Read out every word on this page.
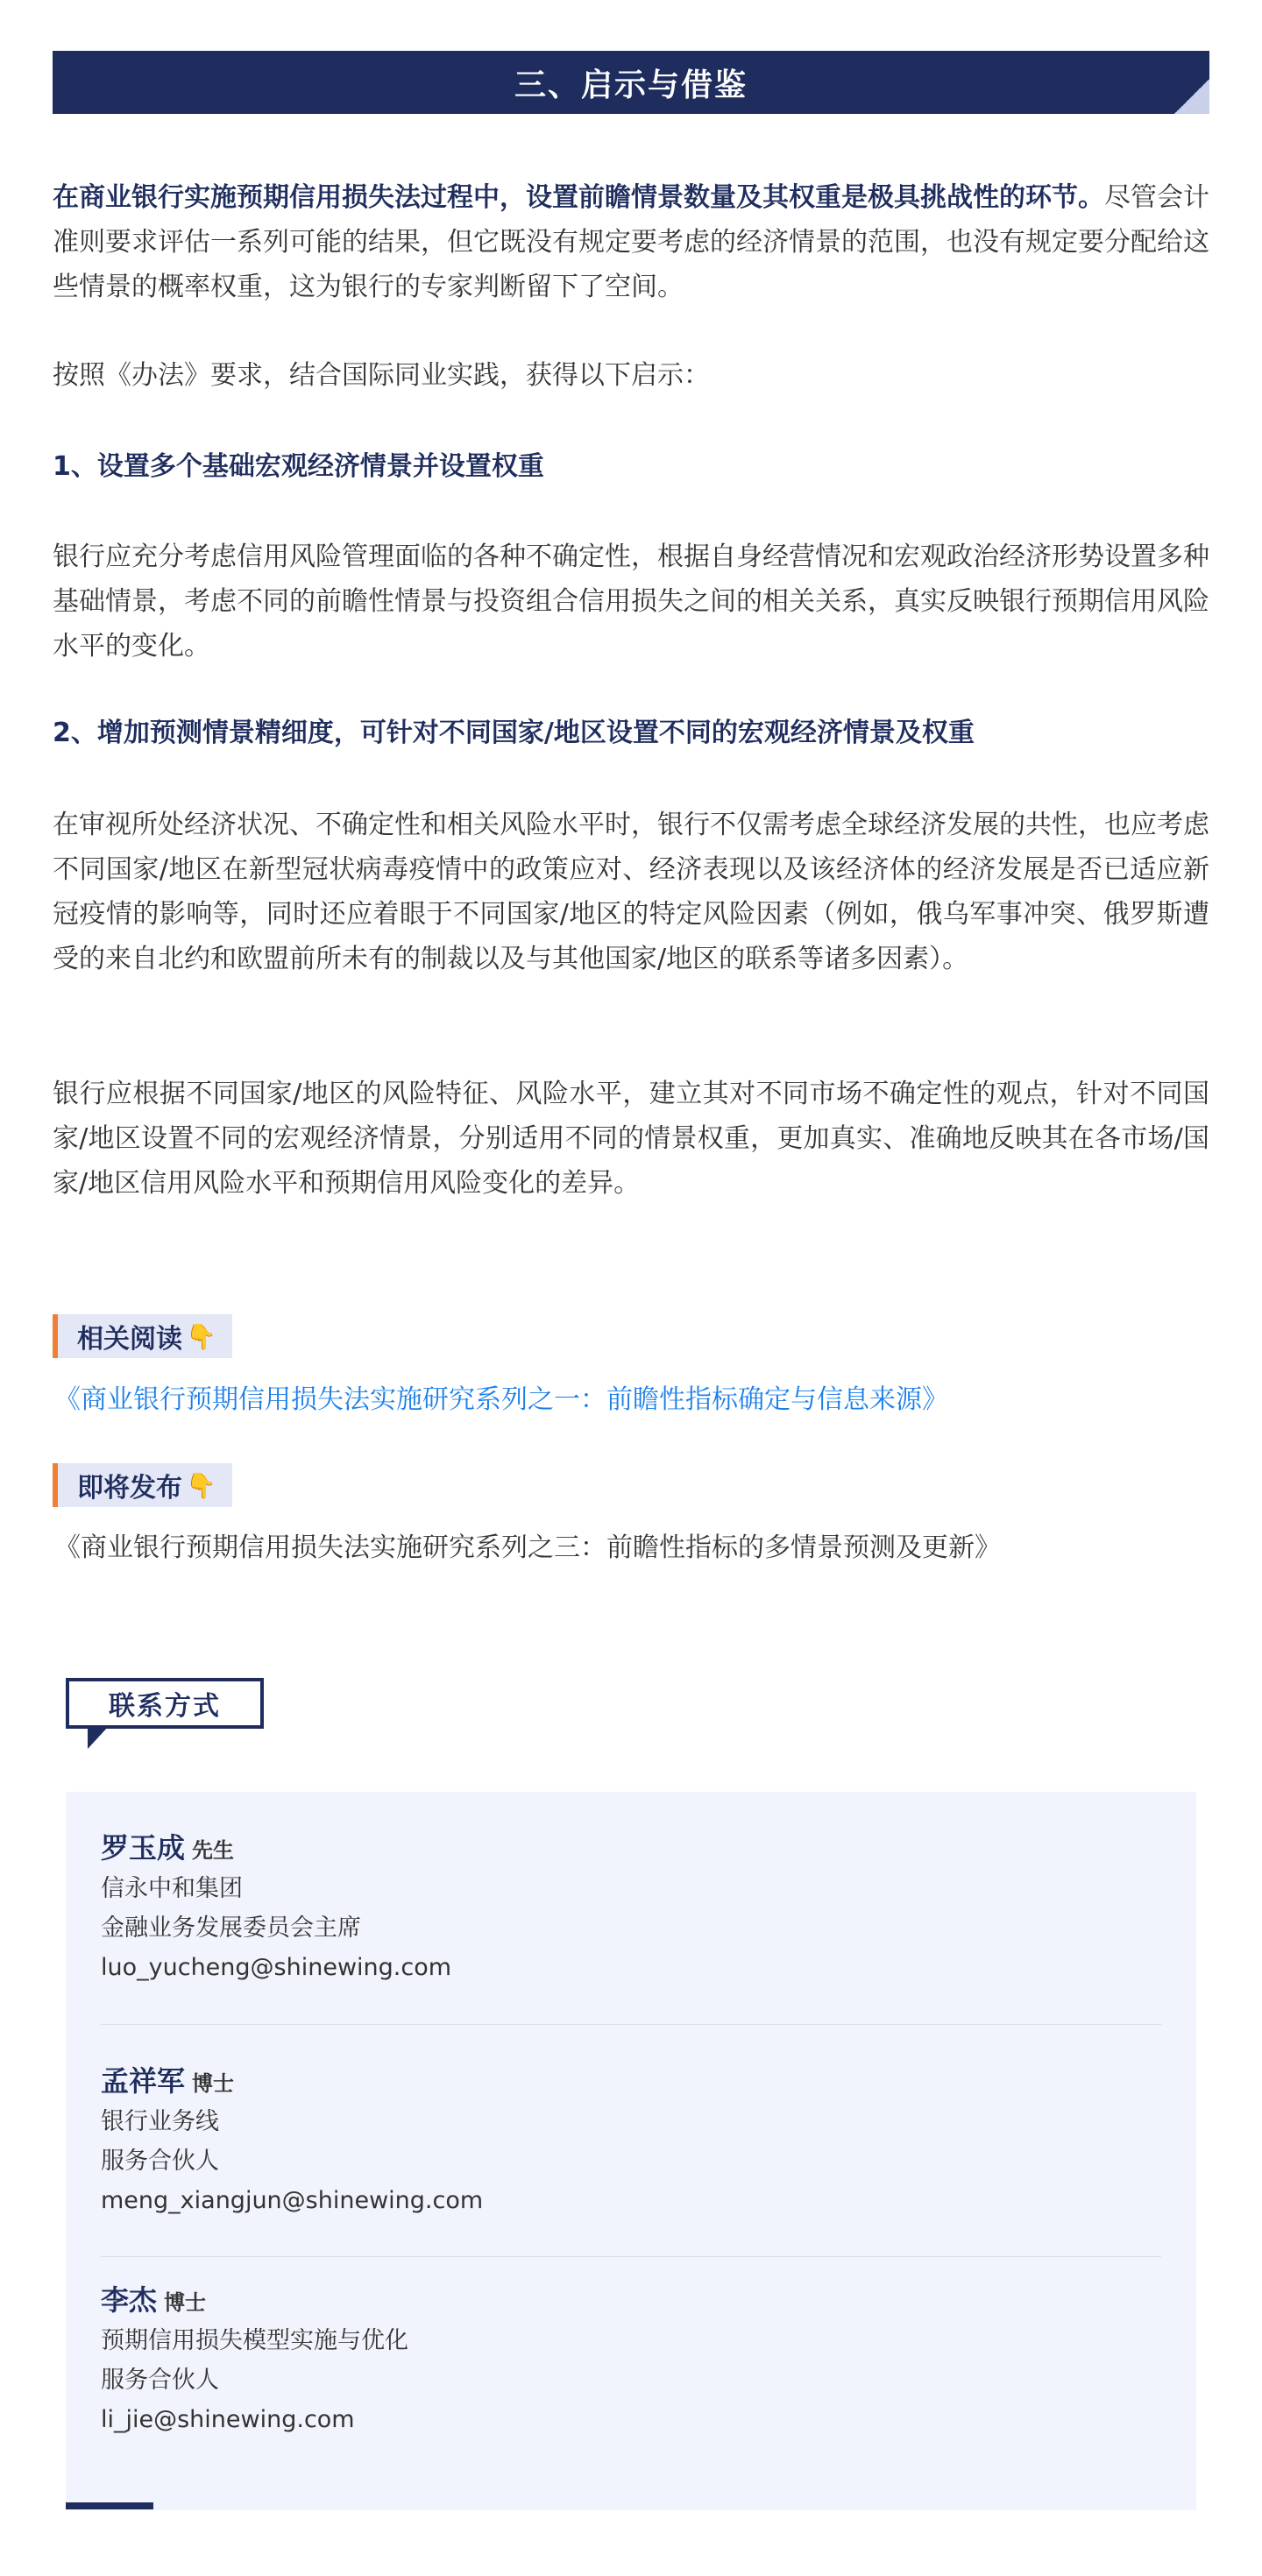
三、启示与借鉴
在商业银行实施预期信用损失法过程中，设置前瞻情景数量及其权重是极具挑战性的环节。尽管会计准则要求评估一系列可能的结果，但它既没有规定要考虑的经济情景的范围，也没有规定要分配给这些情景的概率权重，这为银行的专家判断留下了空间。
按照《办法》要求，结合国际同业实践，获得以下启示：
1、设置多个基础宏观经济情景并设置权重
银行应充分考虑信用风险管理面临的各种不确定性，根据自身经营情况和宏观政治经济形势设置多种基础情景，考虑不同的前瞻性情景与投资组合信用损失之间的相关关系，真实反映银行预期信用风险水平的变化。
2、增加预测情景精细度，可针对不同国家/地区设置不同的宏观经济情景及权重
在审视所处经济状况、不确定性和相关风险水平时，银行不仅需考虑全球经济发展的共性，也应考虑不同国家/地区在新型冠状病毒疫情中的政策应对、经济表现以及该经济体的经济发展是否已适应新冠疫情的影响等，同时还应着眼于不同国家/地区的特定风险因素（例如，俄乌军事冲突、俄罗斯遭受的来自北约和欧盟前所未有的制裁以及与其他国家/地区的联系等诸多因素）。
银行应根据不同国家/地区的风险特征、风险水平，建立其对不同市场不确定性的观点，针对不同国家/地区设置不同的宏观经济情景，分别适用不同的情景权重，更加真实、准确地反映其在各市场/国家/地区信用风险水平和预期信用风险变化的差异。
相关阅读 👇
《商业银行预期信用损失法实施研究系列之一：前瞻性指标确定与信息来源》
即将发布 👇
《商业银行预期信用损失法实施研究系列之三：前瞻性指标的多情景预测及更新》
罗玉成 先生
信永中和集团
金融业务发展委员会主席
luo_yucheng@shinewing.com
孟祥军 博士
银行业务线
服务合伙人
meng_xiangjun@shinewing.com
李杰 博士
预期信用损失模型实施与优化
服务合伙人
li_jie@shinewing.com
联系方式
